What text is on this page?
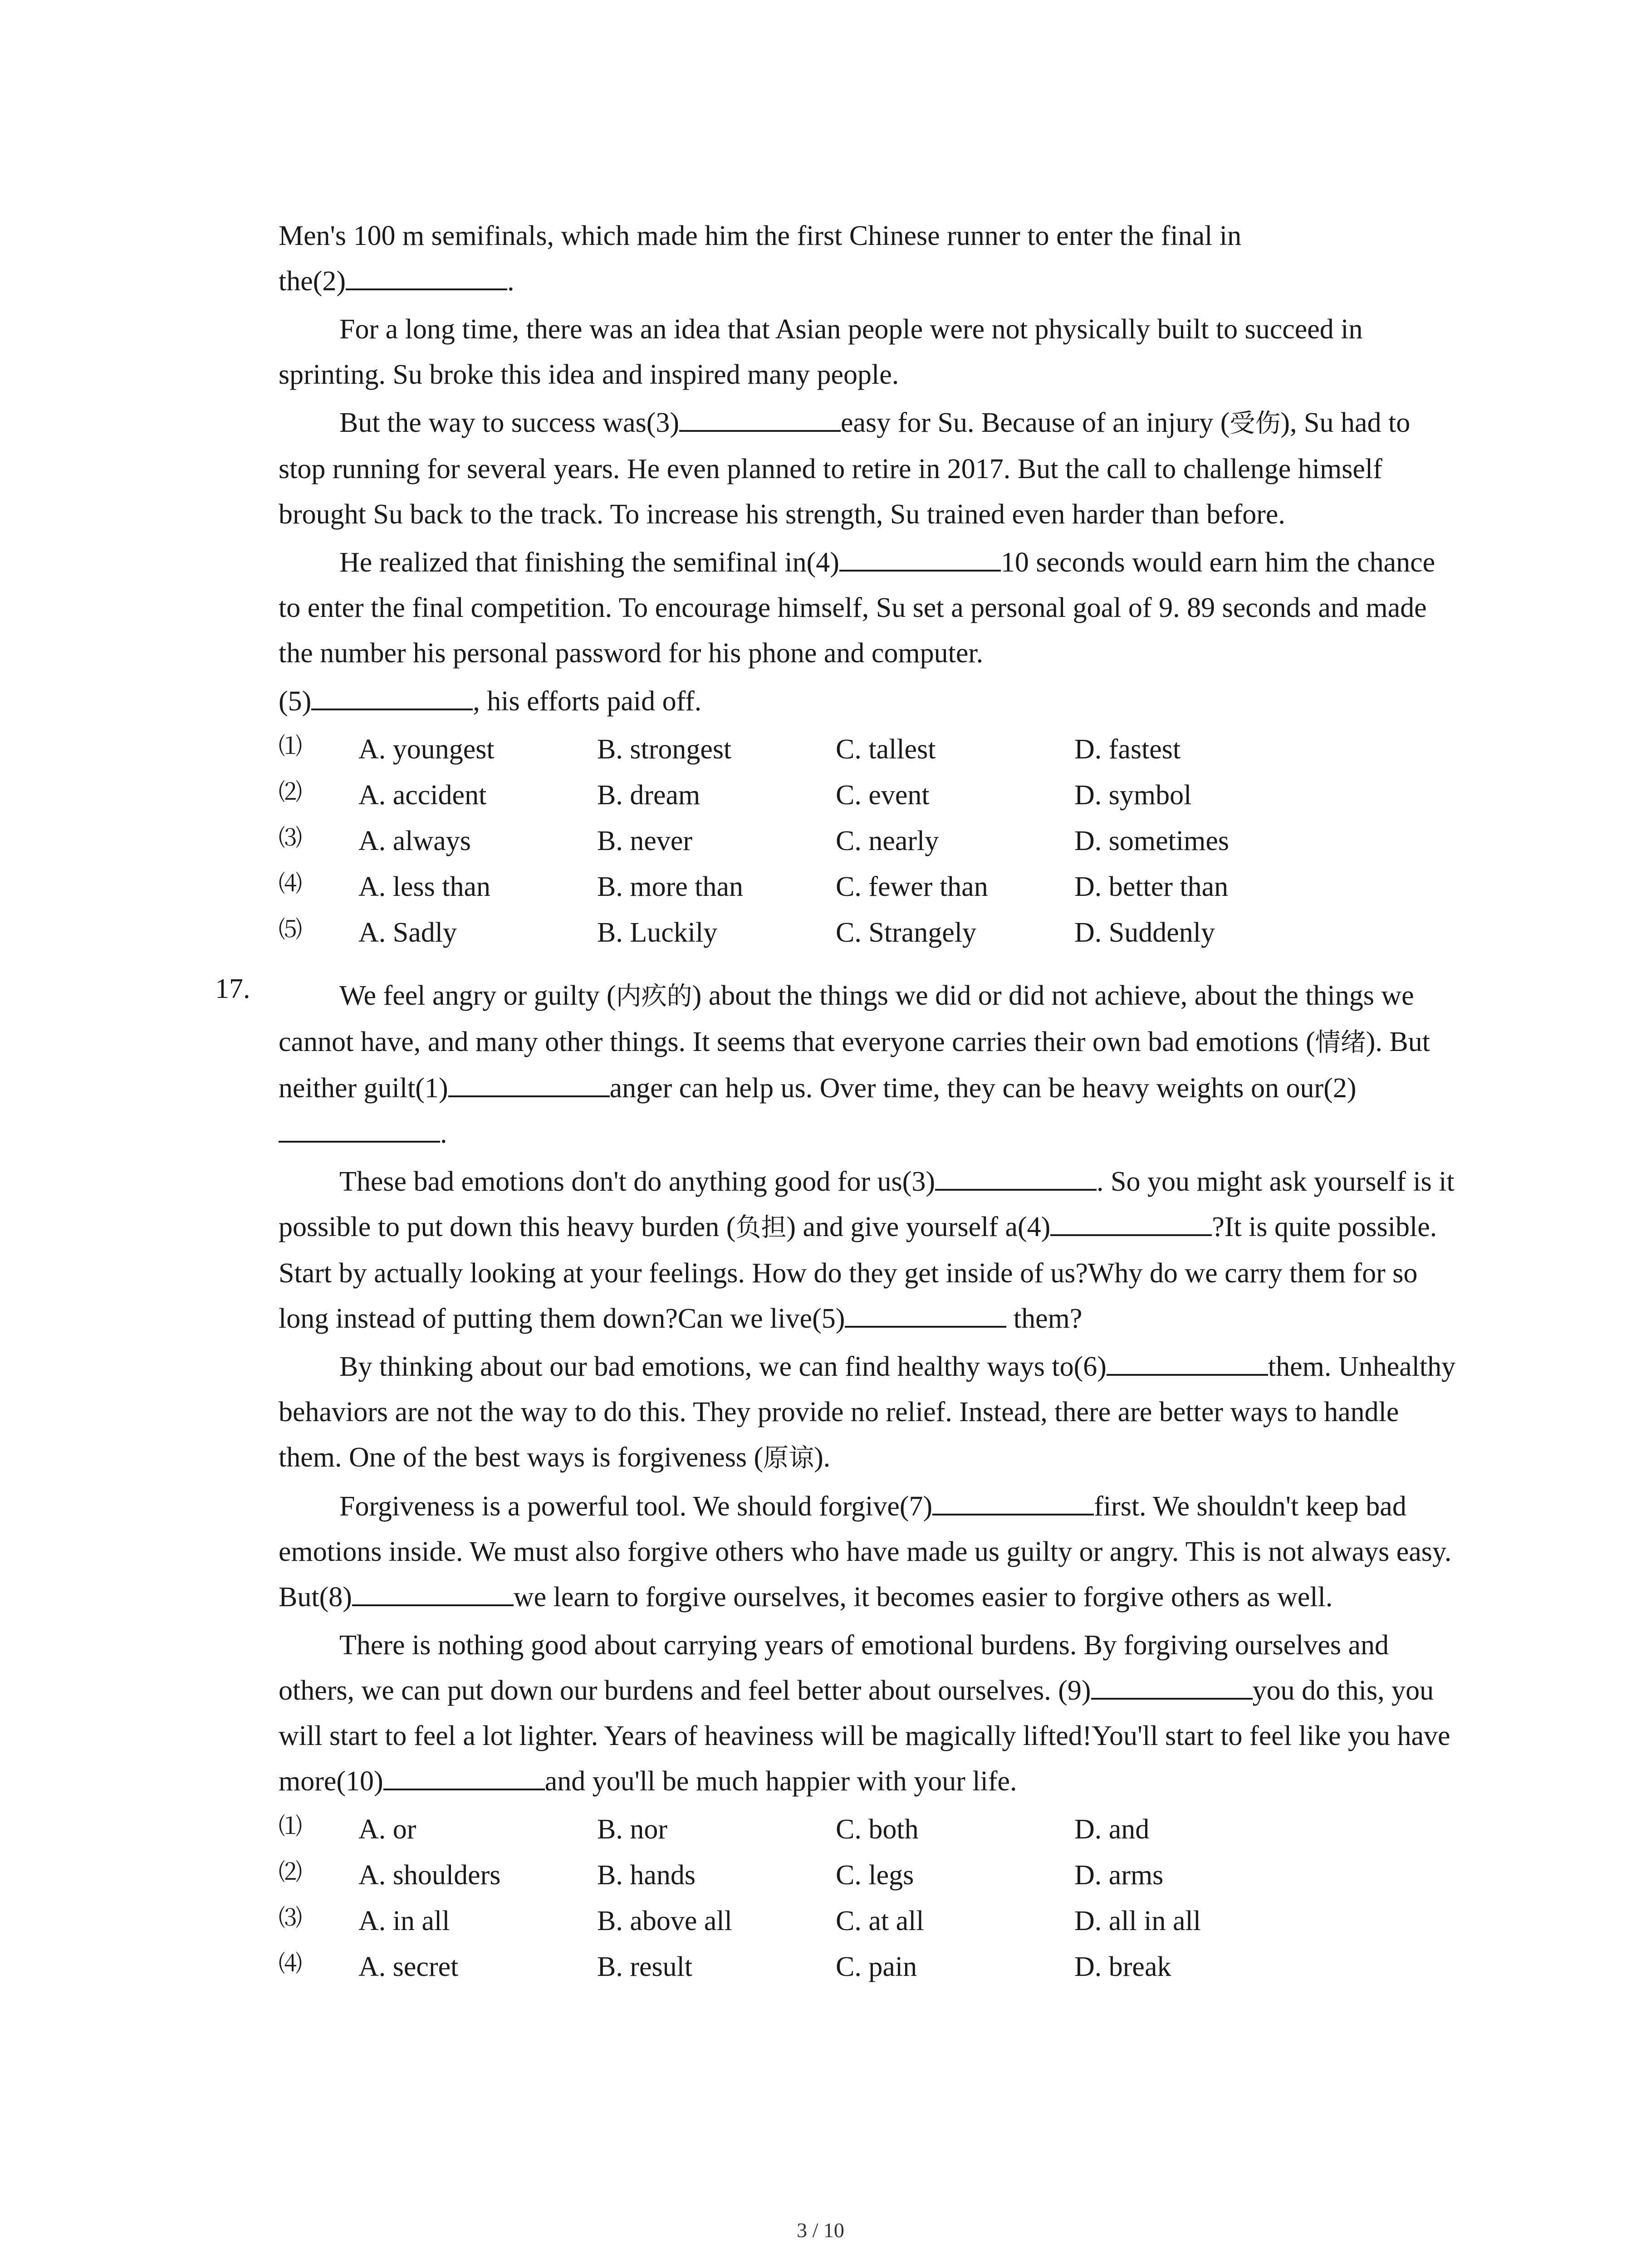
Men's 100 m semifinals, which made him the first Chinese runner to enter the final in
the(2)	.

For a long time, there was an idea that Asian people were not physically built to succeed in sprinting. Su broke this idea and inspired many people.

But the way to success was(3)	easy for Su. Because of an injury (受伤), Su had to stop running for several years. He even planned to retire in 2017. But the call to challenge himself brought Su back to the track. To increase his strength, Su trained even harder than before.

He realized that finishing the semifinal in(4)	10 seconds would earn him the chance to enter the final competition. To encourage himself, Su set a personal goal of 9. 89 seconds and made the number his personal password for his phone and computer.

(5)	, his efforts paid off.

⑴ A. youngest	B. strongest	C. tallest	D. fastest
⑵ A. accident	B. dream	C. event	D. symbol
⑶ A. always	B. never	C. nearly	D. sometimes
⑷ A. less than	B. more than	C. fewer than	D. better than
⑸ A. Sadly	B. Luckily	C. Strangely	D. Suddenly
17.	We feel angry or guilty (内疚的) about the things we did or did not achieve, about the things we cannot have, and many other things. It seems that everyone carries their own bad emotions (情绪). But neither guilt(1)	anger can help us. Over time, they can be heavy weights on our(2).

These bad emotions don't do anything good for us(3)	. So you might ask yourself is it possible to put down this heavy burden (负担) and give yourself a(4)	?It is quite possible. Start by actually looking at your feelings. How do they get inside of us?Why do we carry them for so long instead of putting them down?Can we live(5)	them?

By thinking about our bad emotions, we can find healthy ways to(6)	them. Unhealthy behaviors are not the way to do this. They provide no relief. Instead, there are better ways to handle them. One of the best ways is forgiveness (原谅).

Forgiveness is a powerful tool. We should forgive(7)	first. We shouldn't keep bad emotions inside. We must also forgive others who have made us guilty or angry. This is not always easy. But(8)	we learn to forgive ourselves, it becomes easier to forgive others as well.

There is nothing good about carrying years of emotional burdens. By forgiving ourselves and others, we can put down our burdens and feel better about ourselves. (9)	you do this, you will start to feel a lot lighter. Years of heaviness will be magically lifted!You'll start to feel like you have more(10)	and you'll be much happier with your life.

⑴ A. or	B. nor	C. both	D. and
⑵ A. shoulders	B. hands	C. legs	D. arms
⑶ A. in all	B. above all	C. at all	D. all in all
⑷ A. secret	B. result	C. pain	D. break
3 / 10
